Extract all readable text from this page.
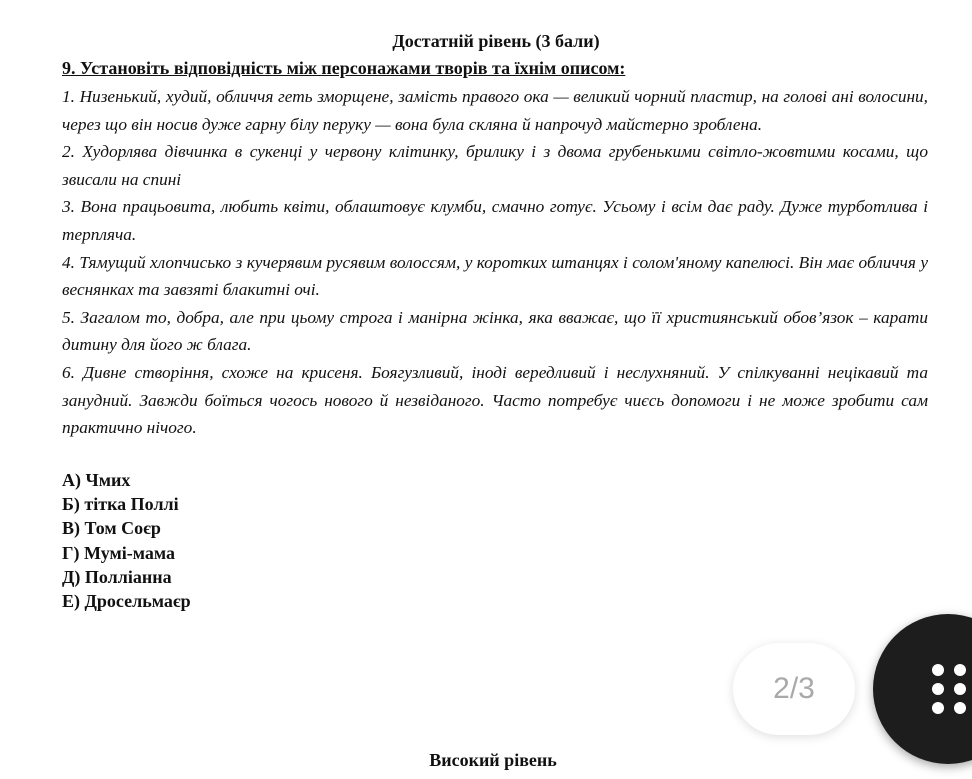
Достатній рівень (3 бали)
9. Установіть відповідність між персонажами творів та їхнім описом:
1. Низенький, худий, обличчя геть зморщене, замість правого ока — великий чорний пластир, на голові ані волосини, через що він носив дуже гарну білу перуку — вона була скляна й напрочуд майстерно зроблена.
2. Худорлява дівчинка в сукенці у червону клітинку, брилику і з двома грубенькими світло-жовтими косами, що звисали на спині
3. Вона працьовита, любить квіти, облаштовує клумби, смачно готує. Усьому і всім дає раду. Дуже турботлива і терпляча.
4. Тямущий хлопчисько з кучерявим русявим волоссям, у коротких штанцях і солом'яному капелюсі. Він має обличчя у веснянках та завзяті блакитні очі.
5. Загалом то, добра, але при цьому строга і манірна жінка, яка вважає, що її християнський обов’язок – карати дитину для його ж блага.
6. Дивне створіння, схоже на крисеня. Боягузливий, іноді вередливий і неслухняний. У спілкуванні нецікавий та занудний. Завжди боїться чогось нового й незвіданого. Часто потребує чиєсь допомоги і не може зробити сам практично нічого.
А) Чмих
Б) тітка Поллі
В) Том Соєр
Г) Мумі-мама
Д) Полліанна
Е) Дросельмаєр
2/3
Високий рівень
